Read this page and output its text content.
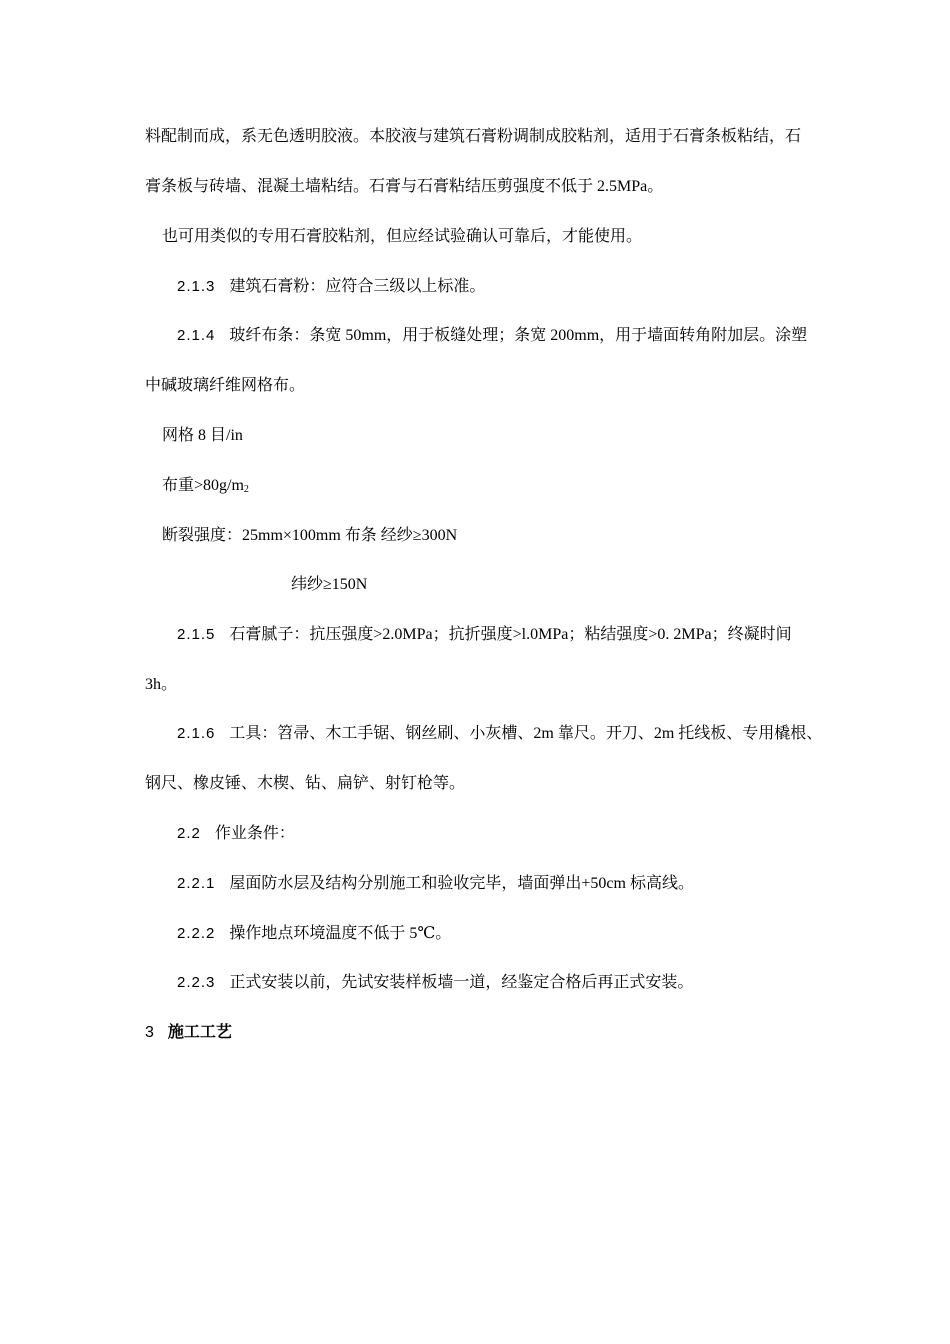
料配制而成，系无色透明胶液。本胶液与建筑石膏粉调制成胶粘剂，适用于石膏条板粘结，石
膏条板与砖墙、混凝土墙粘结。石膏与石膏粘结压剪强度不低于 2.5MPa。
也可用类似的专用石膏胶粘剂，但应经试验确认可靠后，才能使用。
2.1.3 建筑石膏粉：应符合三级以上标准。
2.1.4 玻纤布条：条宽 50mm，用于板缝处理；条宽 200mm，用于墙面转角附加层。涂塑
中碱玻璃纤维网格布。
网格 8 目/in
布重$>80g/m_2$
断裂强度：25mm×100mm 布条 经纱≥300N
纬纱≥150N
2.1.5 石膏腻子：抗压强度>2.0MPa；抗折强度>l.0MPa；粘结强度>0. 2MPa；终凝时间
3h。
2.1.6 工具：笤帚、木工手锯、钢丝刷、小灰槽、2m 靠尺。开刀、2m 托线板、专用橇根、
钢尺、橡皮锤、木楔、钻、扁铲、射钉枪等。
2.2 作业条件：
2.2.1 屋面防水层及结构分别施工和验收完毕，墙面弹出+50cm 标高线。
2.2.2 操作地点环境温度不低于 5℃。
2.2.3 正式安装以前，先试安装样板墙一道，经鉴定合格后再正式安装。
3 施工工艺
